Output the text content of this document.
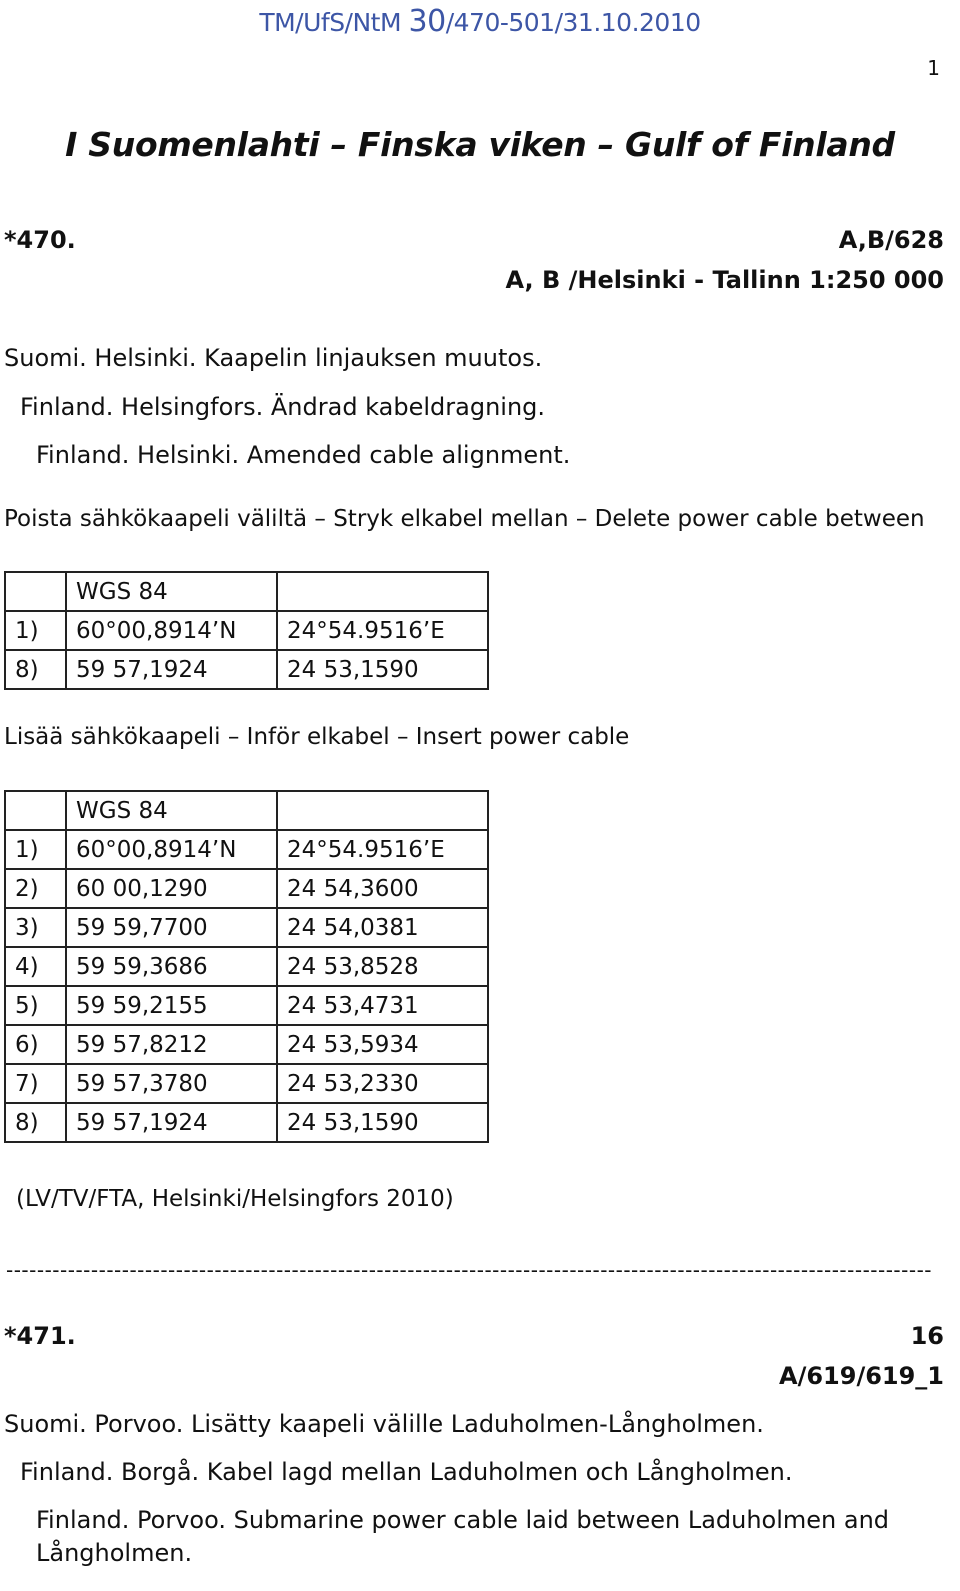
TM/UfS/NtM 30/470-501/31.10.2010
1
I Suomenlahti – Finska viken – Gulf of Finland
*470.	A,B/628
A, B /Helsinki - Tallinn 1:250 000
Suomi. Helsinki. Kaapelin linjauksen muutos.
Finland. Helsingfors. Ändrad kabeldragning.
Finland. Helsinki. Amended cable alignment.
Poista sähkökaapeli väliltä – Stryk elkabel mellan – Delete power cable between
	WGS 84	
1)	60°00,8914’N	24°54.9516’E
8)	59 57,1924	24 53,1590
Lisää sähkökaapeli – Inför elkabel – Insert power cable
	WGS 84	
1)	60°00,8914’N	24°54.9516’E
2)	60 00,1290	24 54,3600
3)	59 59,7700	24 54,0381
4)	59 59,3686	24 53,8528
5)	59 59,2155	24 53,4731
6)	59 57,8212	24 53,5934
7)	59 57,3780	24 53,2330
8)	59 57,1924	24 53,1590
(LV/TV/FTA, Helsinki/Helsingfors 2010)
------------------------------------------------------------------------------------------------------------------------
*471.	16
A/619/619_1
Suomi. Porvoo. Lisätty kaapeli välille Laduholmen-Långholmen.
Finland. Borgå. Kabel lagd mellan Laduholmen och Långholmen.
Finland. Porvoo. Submarine power cable laid between Laduholmen and
Långholmen.
